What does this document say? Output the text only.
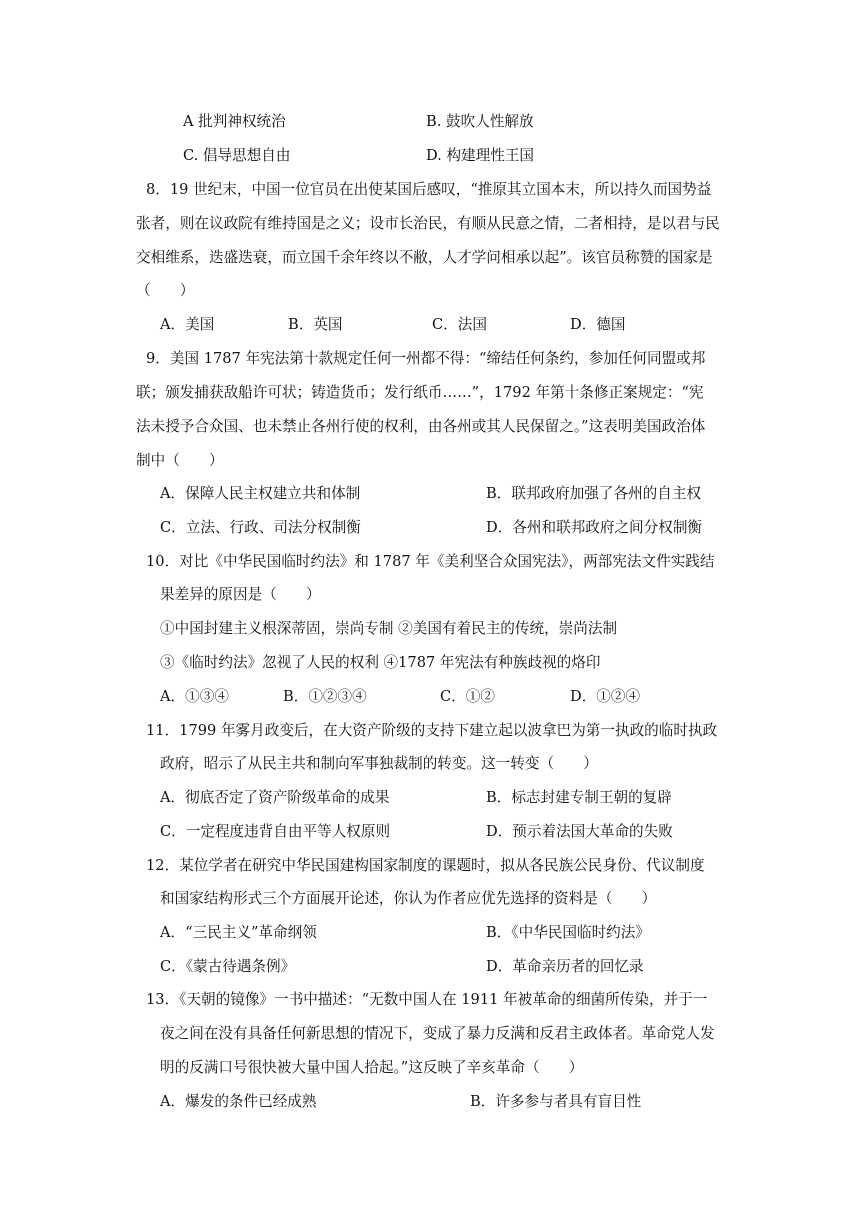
A 批判神权统治	B. 鼓吹人性解放
C. 倡导思想自由	D. 构建理性王国
8．19 世纪末，中国一位官员在出使某国后感叹，“推原其立国本末，所以持久而国势益
张者，则在议政院有维持国是之义；设市长治民，有顺从民意之情，二者相持，是以君与民
交相维系，迭盛迭衰，而立国千余年终以不敝，人才学问相承以起”。该官员称赞的国家是
（　　）
A．美国	B．英国	C．法国	D．德国
9．美国 1787 年宪法第十款规定任何一州都不得：“缔结任何条约，参加任何同盟或邦
联；颁发捕获敌船许可状；铸造货币；发行纸币……”，1792 年第十条修正案规定：“宪
法未授予合众国、也未禁止各州行使的权利，由各州或其人民保留之。”这表明美国政治体
制中（　　）
A．保障人民主权建立共和体制	B．联邦政府加强了各州的自主权
C．立法、行政、司法分权制衡	D．各州和联邦政府之间分权制衡
10．对比《中华民国临时约法》和 1787 年《美利坚合众国宪法》，两部宪法文件实践结
果差异的原因是（　　）
①中国封建主义根深蒂固，崇尚专制 ②美国有着民主的传统，崇尚法制
③《临时约法》忽视了人民的权利 ④1787 年宪法有种族歧视的烙印
A．①③④	B．①②③④	C．①②	D．①②④
11．1799 年雾月政变后，在大资产阶级的支持下建立起以波拿巴为第一执政的临时执政
政府，昭示了从民主共和制向军事独裁制的转变。这一转变（　　）
A．彻底否定了资产阶级革命的成果	B．标志封建专制王朝的复辟
C．一定程度违背自由平等人权原则	D．预示着法国大革命的失败
12．某位学者在研究中华民国建构国家制度的课题时，拟从各民族公民身份、代议制度
和国家结构形式三个方面展开论述，你认为作者应优先选择的资料是（　　）
A．“三民主义”革命纲领	B．《中华民国临时约法》
C．《蒙古待遇条例》	D．革命亲历者的回忆录
13．《天朝的镜像》一书中描述：“无数中国人在 1911 年被革命的细菌所传染，并于一
夜之间在没有具备任何新思想的情况下，变成了暴力反满和反君主政体者。革命党人发
明的反满口号很快被大量中国人拾起。”这反映了辛亥革命（　　）
A．爆发的条件已经成熟	B．许多参与者具有盲目性
